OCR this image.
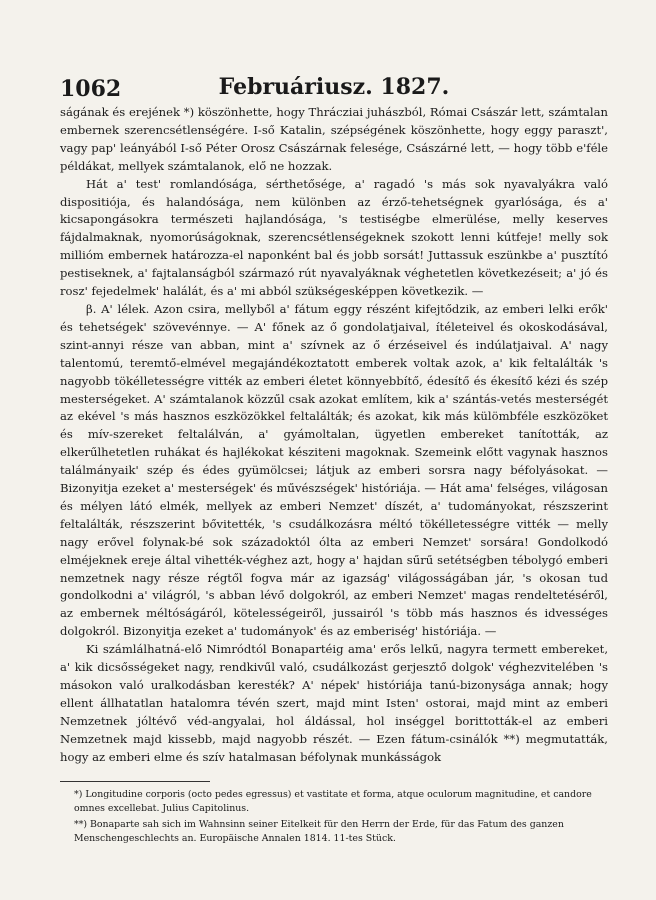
1062	Februáriusz. 1827.

ságának és erejének *) köszönhette, hogy Thrácziai juhászból, Római Császár lett, számtalan embernek szerencsétlenségére. I-ső Katalin, szépségének köszönhette, hogy eggy paraszt', vagy pap' leányából I-ső Péter Orosz Császárnak felesége, Császárné lett, — hogy több e'féle példákat, mellyek számtalanok, elő ne hozzak.

Hát a' test' romlandósága, sérthetősége, a' ragadó 's más sok nyavalyákra való dispositiója, és halandósága, nem különben az érző-tehetségnek gyarlósága, és a' kicsapongásokra természeti hajlandósága, 's testiségbe elmerülése, melly keserves fájdalmaknak, nyomorúságoknak, szerencsétlenségeknek szokott lenni kútfeje! melly sok millióm embernek határozza-el naponként bal és jobb sorsát! Juttassuk eszünkbe a' pusztító pestiseknek, a' fajtalanságból származó rút nyavalyáknak véghetetlen következéseit; a' jó és rosz' fejedelmek' halálát, és a' mi abból szükségesképpen következik. —

β. A' lélek. Azon csira, mellyből a' fátum eggy részént kifejtődzik, az emberi lelki erők' és tehetségek' szövevénnye. — A' főnek az ő gondolatjaival, ítéleteivel és okoskodásával, szint-annyi része van abban, mint a' szívnek az ő érzéseivel és indúlatjaival. A' nagy talentomú, teremtő-elmével megajándékoztatott emberek voltak azok, a' kik feltalálták 's nagyobb tökélletességre vitték az emberi életet könnyebbítő, édesítő és ékesítő kézi és szép mesterségeket. A' számtalanok közzűl csak azokat említem, kik a' szántás-vetés mesterségét az ekével 's más hasznos eszközökkel feltalálták; és azokat, kik más külömbféle eszközöket és mív-szereket feltalálván, a' gyámoltalan, ügyetlen embereket tanították, az elkerűlhetetlen ruhákat és hajlékokat késziteni magoknak. Szemeink előtt vagynak hasznos találmányaik' szép és édes gyümölcsei; látjuk az emberi sorsra nagy béfolyásokat. — Bizonyitja ezeket a' mesterségek' és művészségek' históriája. — Hát ama' felséges, világosan és mélyen látó elmék, mellyek az emberi Nemzet' díszét, a' tudományokat, részszerint feltalálták, részszerint bővitették, 's csudálkozásra méltó tökélletességre vitték — melly nagy erővel folynak-bé sok századoktól ólta az emberi Nemzet' sorsára! Gondolkodó elméjeknek ereje által vihették-véghez azt, hogy a' hajdan sűrű setétségben tébolygó emberi nemzetnek nagy része régtől fogva már az igazság' világosságában jár, 's okosan tud gondolkodni a' világról, 's abban lévő dolgokról, az emberi Nemzet' magas rendeltetéséről, az embernek méltóságáról, kötelességeiről, jussairól 's több más hasznos és idvességes dolgokról. Bizonyitja ezeket a' tudományok' és az emberiség' históriája. —

Ki számlálhatná-elő Nimródtól Bonapartéig ama' erős lelkű, nagyra termett embereket, a' kik dicsősségeket nagy, rendkivűl való, csudálkozást gerjesztő dolgok' véghezvitelében 's másokon való uralkodásban keresték? A' népek' históriája tanú-bizonysága annak; hogy ellent állhatatlan hatalomra tévén szert, majd mint Isten' ostorai, majd mint az emberi Nemzetnek jóltévő véd-angyalai, hol áldással, hol inséggel borittották-el az emberi Nemzetnek majd kissebb, majd nagyobb részét. — Ezen fátum-csinálók **) megmutatták, hogy az emberi elme és szív hatalmasan béfolynak munkásságok

*) Longitudine corporis (octo pedes egressus) et vastitate et forma, atque oculorum magnitudine, et candore omnes excellebat. Julius Capitolinus.

**) Bonaparte sah sich im Wahnsinn seiner Eitelkeit für den Herrn der Erde, für das Fatum des ganzen Menschengeschlechts an. Europäische Annalen 1814. 11-tes Stück.
